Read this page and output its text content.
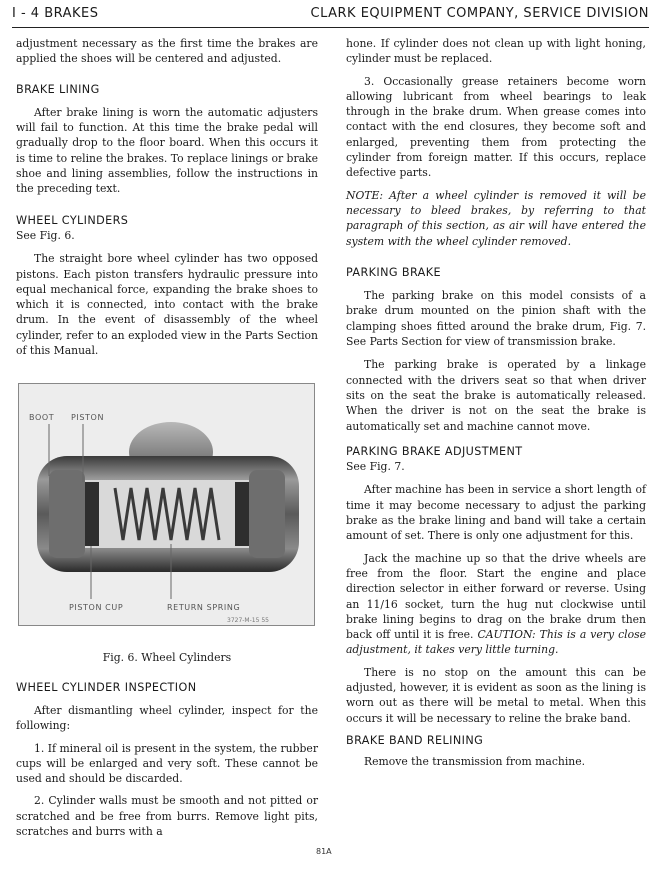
I - 4 BRAKES	CLARK EQUIPMENT COMPANY, SERVICE DIVISION

adjustment necessary as the first time the brakes are applied the shoes will be centered and adjusted.

BRAKE LINING

After brake lining is worn the automatic adjusters will fail to function. At this time the brake pedal will gradually drop to the floor board. When this occurs it is time to reline the brakes. To replace linings or brake shoe and lining assemblies, follow the instructions in the preceding text.

WHEEL CYLINDERS
See Fig. 6.

The straight bore wheel cylinder has two opposed pistons. Each piston transfers hydraulic pressure into equal mechanical force, expanding the brake shoes to which it is connected, into contact with the brake drum. In the event of disassembly of the wheel cylinder, refer to an exploded view in the Parts Section of this Manual.

BOOT PISTON
PISTON CUP	RETURN SPRING
3727-M-15 55
Fig. 6. Wheel Cylinders
WHEEL CYLINDER INSPECTION

After dismantling wheel cylinder, inspect for the following:

1. If mineral oil is present in the system, the rubber cups will be enlarged and very soft. These cannot be used and should be discarded.

2. Cylinder walls must be smooth and not pitted or scratched and be free from burrs. Remove light pits, scratches and burrs with a

hone. If cylinder does not clean up with light honing, cylinder must be replaced.

3. Occasionally grease retainers become worn allowing lubricant from wheel bearings to leak through in the brake drum. When grease comes into contact with the end closures, they become soft and enlarged, preventing them from protecting the cylinder from foreign matter. If this occurs, replace defective parts.

NOTE: After a wheel cylinder is removed it will be necessary to bleed brakes, by referring to that paragraph of this section, as air will have entered the system with the wheel cylinder removed.

PARKING BRAKE

The parking brake on this model consists of a brake drum mounted on the pinion shaft with the clamping shoes fitted around the brake drum, Fig. 7. See Parts Section for view of transmission brake.

The parking brake is operated by a linkage connected with the drivers seat so that when driver sits on the seat the brake is automatically released. When the driver is not on the seat the brake is automatically set and machine cannot move.

PARKING BRAKE ADJUSTMENT
See Fig. 7.

After machine has been in service a short length of time it may become necessary to adjust the parking brake as the brake lining and band will take a certain amount of set. There is only one adjustment for this.

Jack the machine up so that the drive wheels are free from the floor. Start the engine and place direction selector in either forward or reverse. Using an 11/16 socket, turn the hug nut clockwise until brake lining begins to drag on the brake drum then back off until it is free. CAUTION: This is a very close adjustment, it takes very little turning.

There is no stop on the amount this can be adjusted, however, it is evident as soon as the lining is worn out as there will be metal to metal. When this occurs it will be necessary to reline the brake band.

BRAKE BAND RELINING

Remove the transmission from machine.

81A
